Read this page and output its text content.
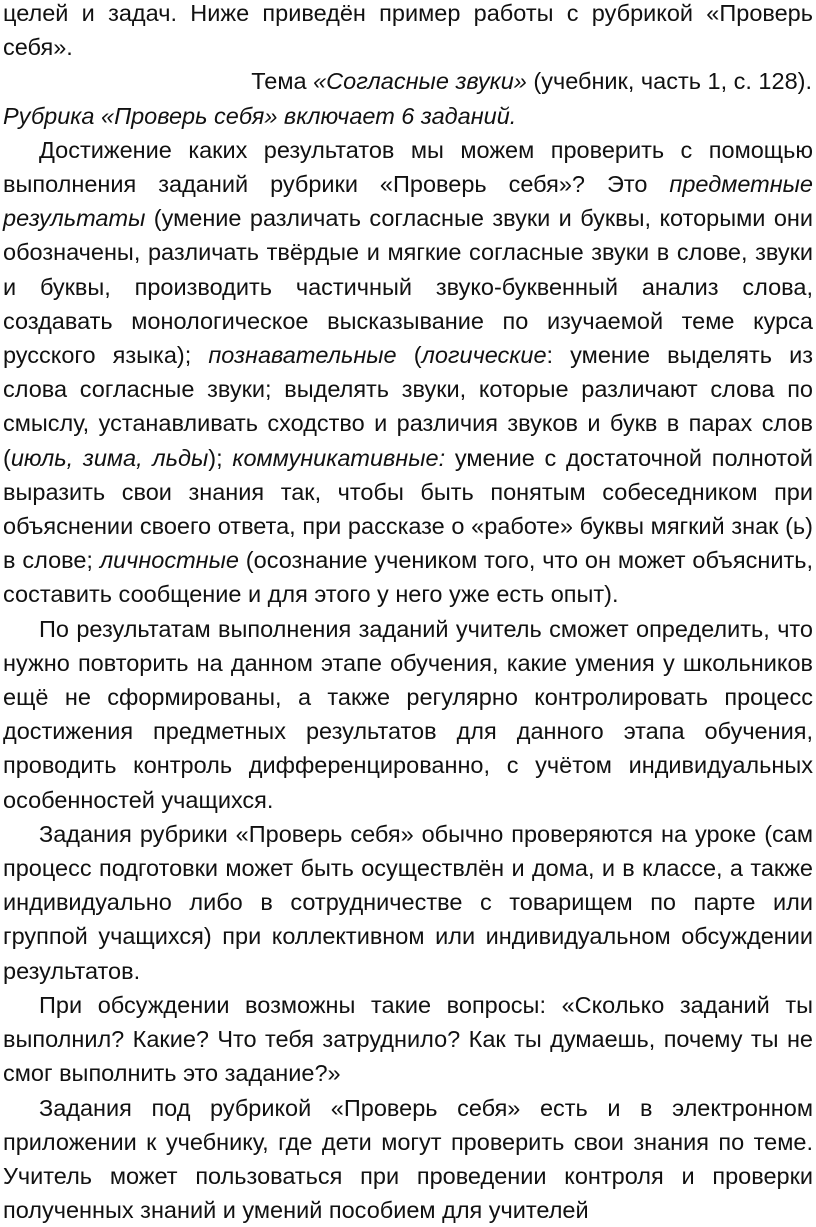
целей и задач. Ниже приведён пример работы с рубрикой «Проверь себя».

Тема «Согласные звуки» (учебник, часть 1, с. 128).

Рубрика «Проверь себя» включает 6 заданий.

Достижение каких результатов мы можем проверить с помощью выполнения заданий рубрики «Проверь себя»? Это предметные результаты (умение различать согласные звуки и буквы, которыми они обозначены, различать твёрдые и мягкие согласные звуки в слове, звуки и буквы, производить частичный звуко-буквенный анализ слова, создавать монологическое высказывание по изучаемой теме курса русского языка); познавательные (логические: умение выделять из слова согласные звуки; выделять звуки, которые различают слова по смыслу, устанавливать сходство и различия звуков и букв в парах слов (июль, зима, льды); коммуникативные: умение с достаточной полнотой выразить свои знания так, чтобы быть понятым собеседником при объяснении своего ответа, при рассказе о «работе» буквы мягкий знак (ь) в слове; личностные (осознание учеником того, что он может объяснить, составить сообщение и для этого у него уже есть опыт).

По результатам выполнения заданий учитель сможет определить, что нужно повторить на данном этапе обучения, какие умения у школьников ещё не сформированы, а также регулярно контролировать процесс достижения предметных результатов для данного этапа обучения, проводить контроль дифференцированно, с учётом индивидуальных особенностей учащихся.

Задания рубрики «Проверь себя» обычно проверяются на уроке (сам процесс подготовки может быть осуществлён и дома, и в классе, а также индивидуально либо в сотрудничестве с товарищем по парте или группой учащихся) при коллективном или индивидуальном обсуждении результатов.

При обсуждении возможны такие вопросы: «Сколько заданий ты выполнил? Какие? Что тебя затруднило? Как ты думаешь, почему ты не смог выполнить это задание?»

Задания под рубрикой «Проверь себя» есть и в электронном приложении к учебнику, где дети могут проверить свои знания по теме. Учитель может пользоваться при проведении контроля и проверки полученных знаний и умений пособием для учителей
